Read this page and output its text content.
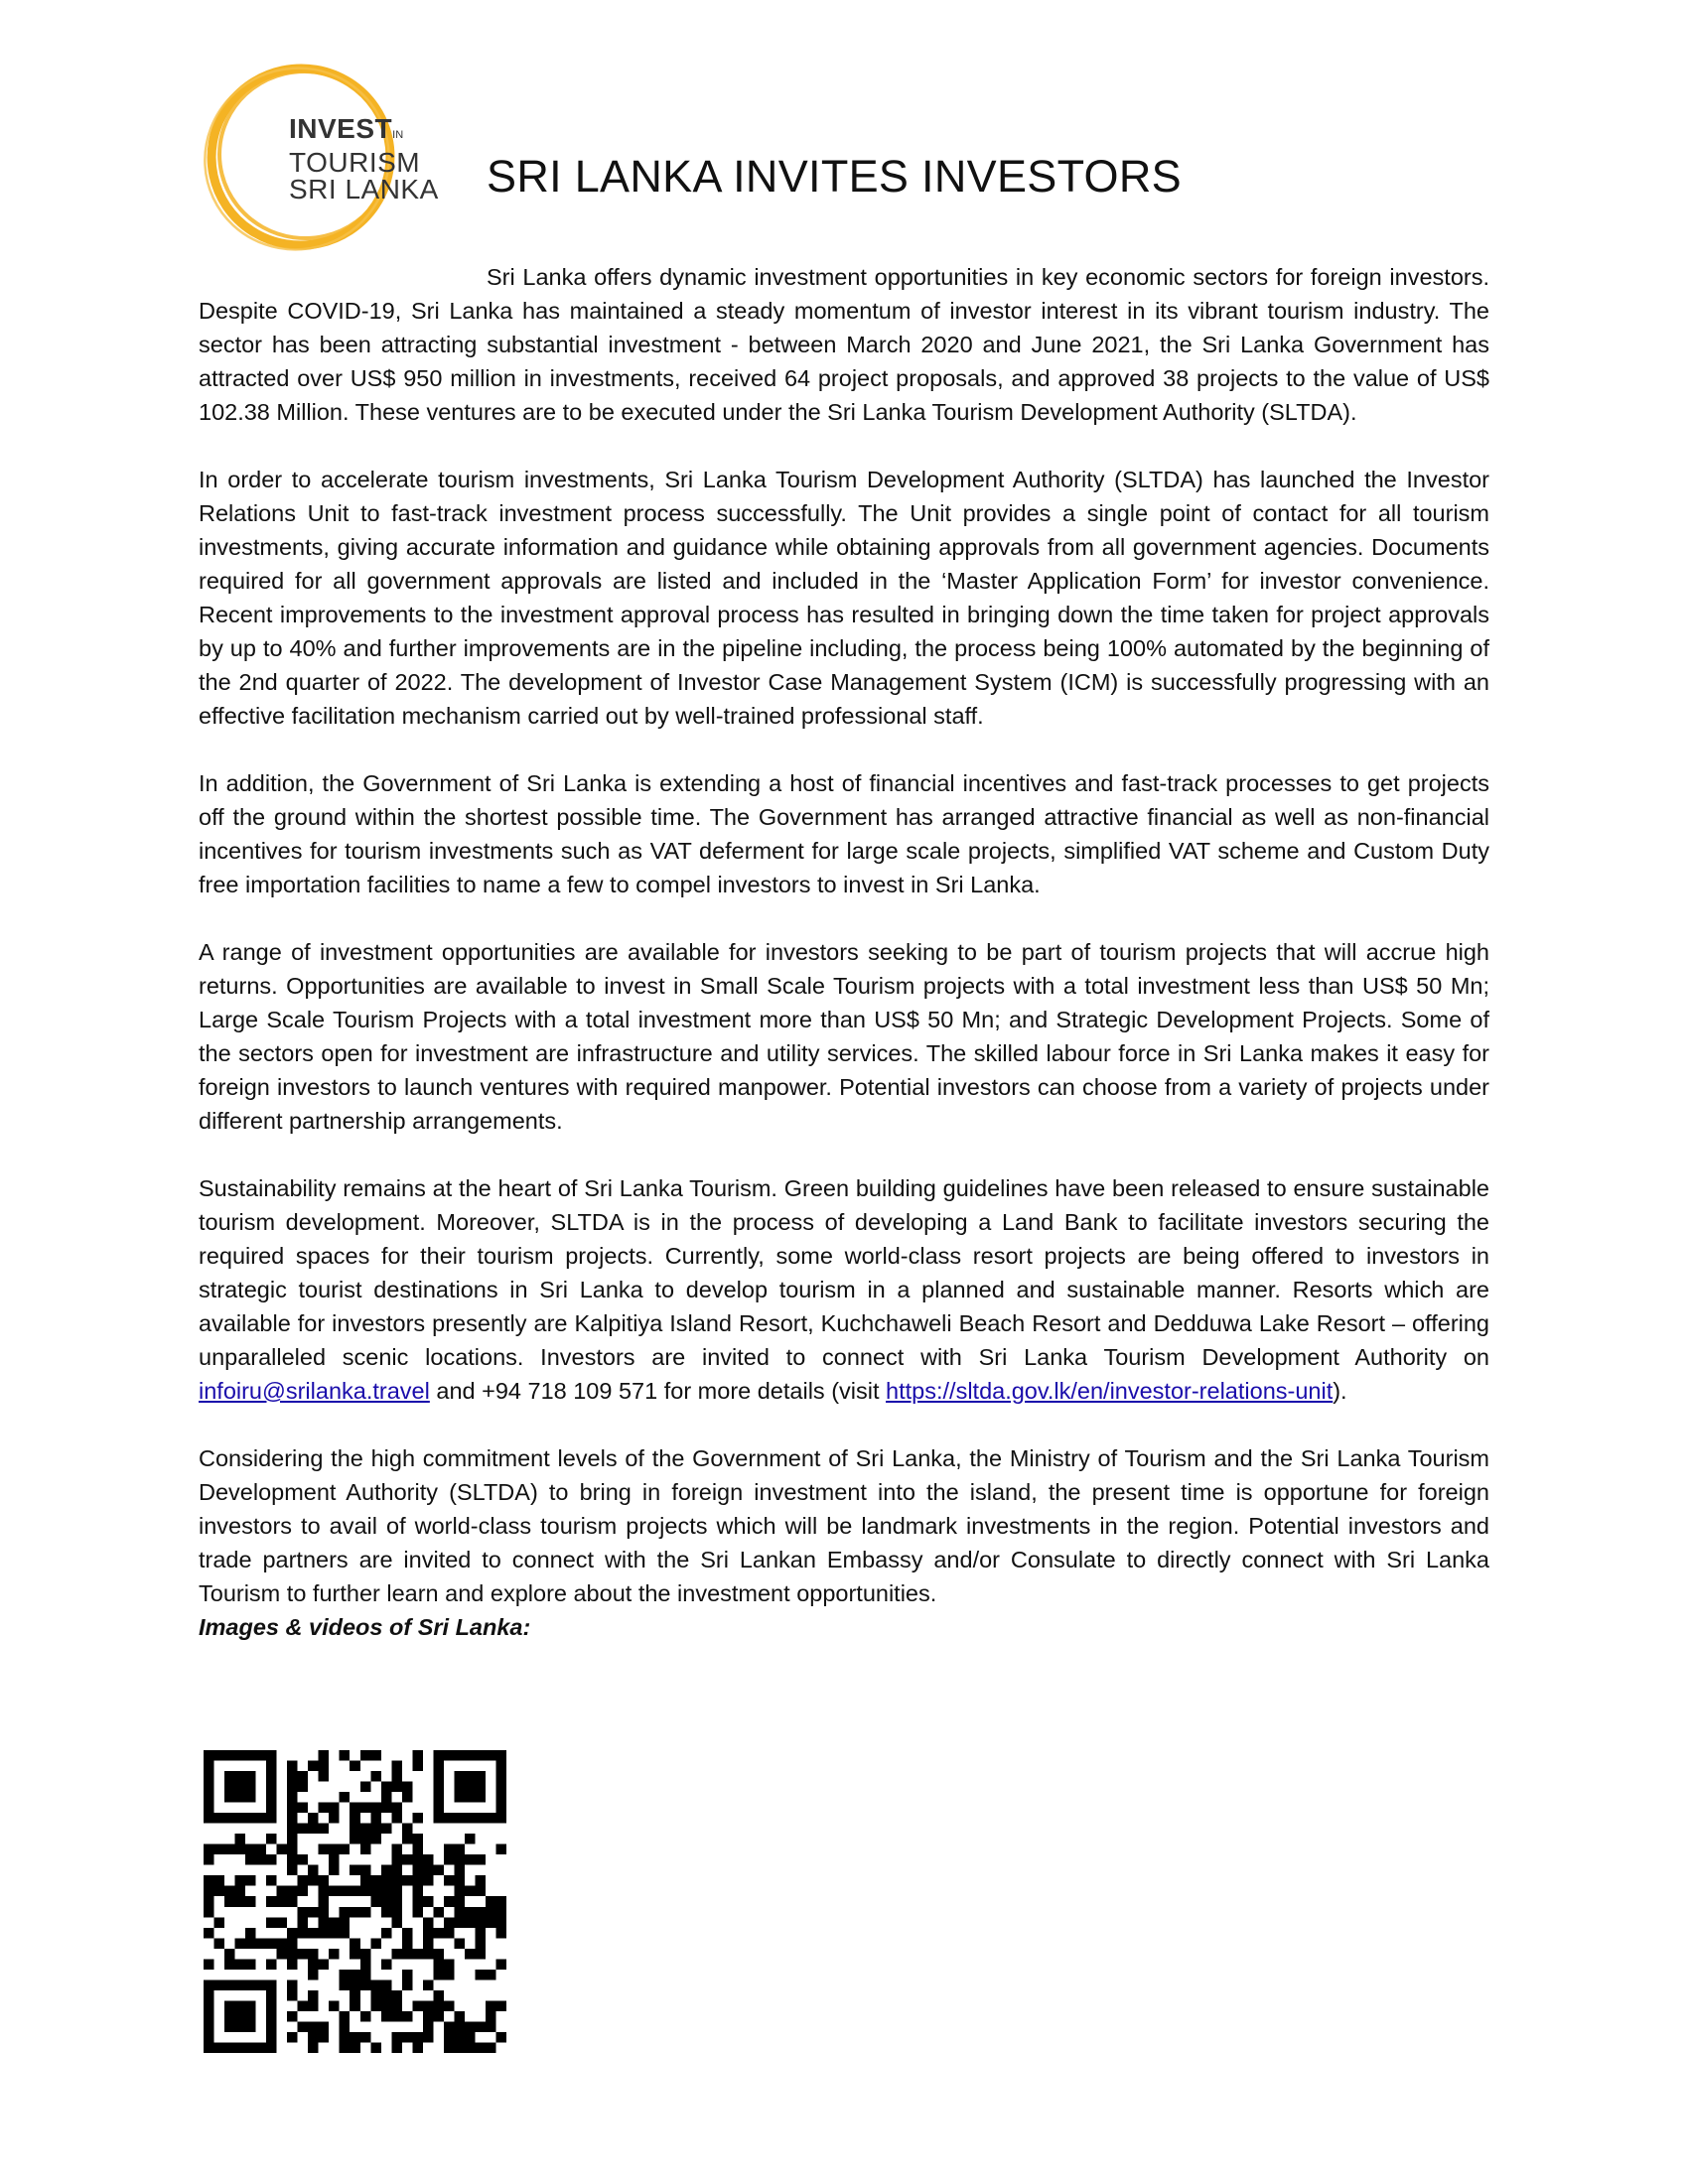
INVESTIN
TOURISM
SRI LANKA SRI LANKA INVITES INVESTORS

Sri Lanka offers dynamic investment opportunities in key economic sectors for foreign investors. Despite COVID-19, Sri Lanka has maintained a steady momentum of investor interest in its vibrant tourism industry. The sector has been attracting substantial investment - between March 2020 and June 2021, the Sri Lanka Government has attracted over US$ 950 million in investments, received 64 project proposals, and approved 38 projects to the value of US$ 102.38 Million. These ventures are to be executed under the Sri Lanka Tourism Development Authority (SLTDA).

In order to accelerate tourism investments, Sri Lanka Tourism Development Authority (SLTDA) has launched the Investor Relations Unit to fast-track investment process successfully. The Unit provides a single point of contact for all tourism investments, giving accurate information and guidance while obtaining approvals from all government agencies. Documents required for all government approvals are listed and included in the ‘Master Application Form’ for investor convenience. Recent improvements to the investment approval process has resulted in bringing down the time taken for project approvals by up to 40% and further improvements are in the pipeline including, the process being 100% automated by the beginning of the 2nd quarter of 2022. The development of Investor Case Management System (ICM) is successfully progressing with an effective facilitation mechanism carried out by well-trained professional staff.

In addition, the Government of Sri Lanka is extending a host of financial incentives and fast-track processes to get projects off the ground within the shortest possible time. The Government has arranged attractive financial as well as non-financial incentives for tourism investments such as VAT deferment for large scale projects, simplified VAT scheme and Custom Duty free importation facilities to name a few to compel investors to invest in Sri Lanka.

A range of investment opportunities are available for investors seeking to be part of tourism projects that will accrue high returns. Opportunities are available to invest in Small Scale Tourism projects with a total investment less than US$ 50 Mn; Large Scale Tourism Projects with a total investment more than US$ 50 Mn; and Strategic Development Projects. Some of the sectors open for investment are infrastructure and utility services. The skilled labour force in Sri Lanka makes it easy for foreign investors to launch ventures with required manpower. Potential investors can choose from a variety of projects under different partnership arrangements.

Sustainability remains at the heart of Sri Lanka Tourism. Green building guidelines have been released to ensure sustainable tourism development. Moreover, SLTDA is in the process of developing a Land Bank to facilitate investors securing the required spaces for their tourism projects. Currently, some world-class resort projects are being offered to investors in strategic tourist destinations in Sri Lanka to develop tourism in a planned and sustainable manner. Resorts which are available for investors presently are Kalpitiya Island Resort, Kuchchaweli Beach Resort and Dedduwa Lake Resort – offering unparalleled scenic locations. Investors are invited to connect with Sri Lanka Tourism Development Authority on infoiru@srilanka.travel and +94 718 109 571 for more details (visit https://sltda.gov.lk/en/investor-relations-unit).

Considering the high commitment levels of the Government of Sri Lanka, the Ministry of Tourism and the Sri Lanka Tourism Development Authority (SLTDA) to bring in foreign investment into the island, the present time is opportune for foreign investors to avail of world-class tourism projects which will be landmark investments in the region. Potential investors and trade partners are invited to connect with the Sri Lankan Embassy and/or Consulate to directly connect with Sri Lanka Tourism to further learn and explore about the investment opportunities.

Images & videos of Sri Lanka:
